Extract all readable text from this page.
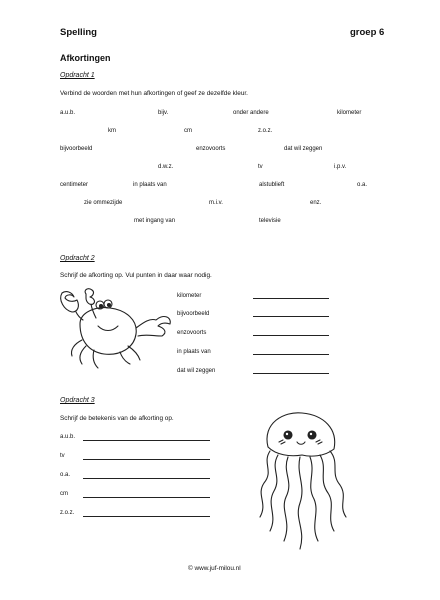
Spelling	groep 6
Afkortingen
Opdracht 1
Verbind de woorden met hun afkortingen of geef ze dezelfde kleur.
a.u.b.	bijv.	onder andere	kilometer
km	cm	z.o.z.
bijvoorbeeld	enzovoorts	dat wil zeggen
d.w.z.	tv	i.p.v.
centimeter	in plaats van	alstublieft	o.a.
zie ommezijde	m.i.v.	enz.
met ingang van	televisie
Opdracht 2
Schrijf de afkorting op. Vul punten in daar waar nodig.
kilometer
bijvoorbeeld
enzovoorts
in plaats van
dat wil zeggen
Opdracht 3
Schrijf de betekenis van de afkorting op.
a.u.b.
tv
o.a.
cm
z.o.z.
© www.juf-milou.nl
